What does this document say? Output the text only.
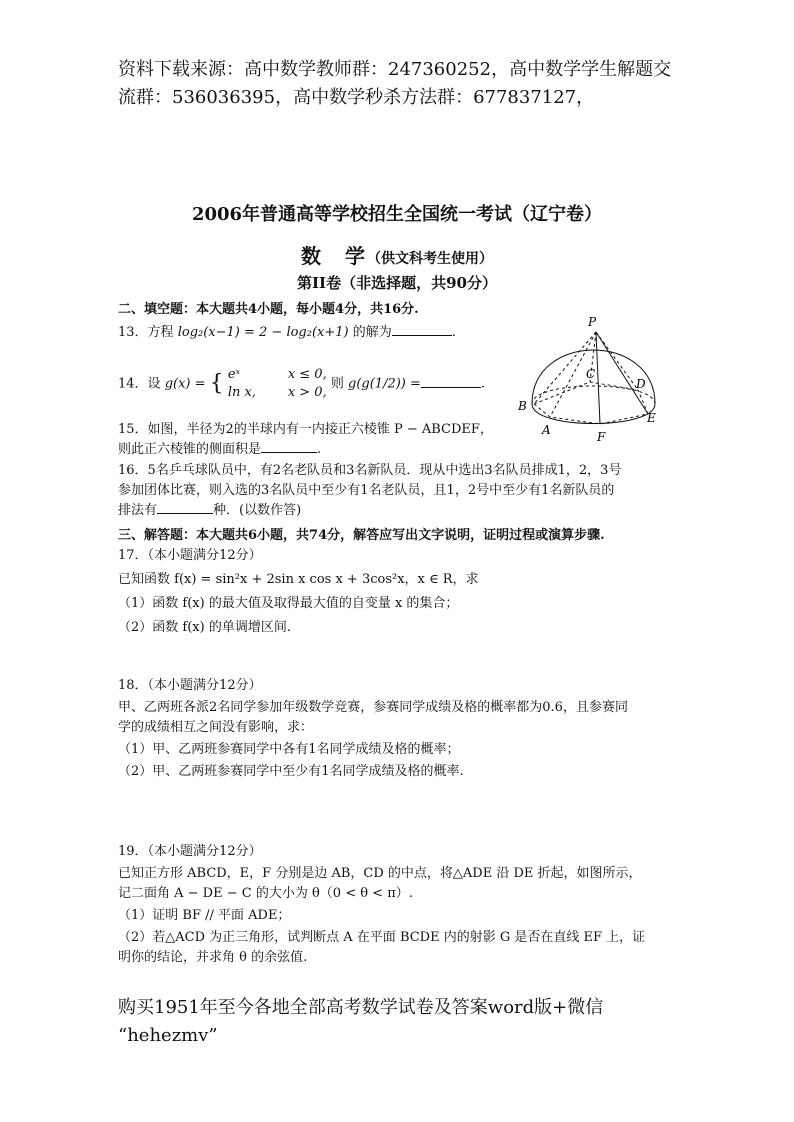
资料下载来源：高中数学教师群：247360252，高中数学学生解题交
流群：536036395，高中数学秒杀方法群：677837127，
2006年普通高等学校招生全国统一考试（辽宁卷）
数　学（供文科考生使用）
第II卷（非选择题，共90分）
二、填空题：本大题共4小题，每小题4分，共16分.
13．方程 log₂(x−1) = 2 − log₂(x+1) 的解为	.
14．设 g(x) = { eˣ	x ≤ 0,
ln x, x > 0,
则 g(g(1/2)) =	.
15．如图，半径为2的半球内有一内接正六棱锥 P − ABCDEF，
则此正六棱锥的侧面积是	.
16．5名乒乓球队员中，有2名老队员和3名新队员．现从中选出3名队员排成1，2，3号
参加团体比赛，则入选的3名队员中至少有1名老队员，且1，2号中至少有1名新队员的
排法有	种．(以数作答)
三、解答题：本大题共6小题，共74分，解答应写出文字说明，证明过程或演算步骤.
17．（本小题满分12分）
已知函数 f(x) = sin²x + 2sin x cos x + 3cos²x，x ∈ R，求
（1）函数 f(x) 的最大值及取得最大值的自变量 x 的集合；
（2）函数 f(x) 的单调增区间.
18．（本小题满分12分）
甲、乙两班各派2名同学参加年级数学竞赛，参赛同学成绩及格的概率都为0.6，且参赛同
学的成绩相互之间没有影响，求：
（1）甲、乙两班参赛同学中各有1名同学成绩及格的概率；
（2）甲、乙两班参赛同学中至少有1名同学成绩及格的概率.
19．（本小题满分12分）
已知正方形 ABCD，E，F 分别是边 AB，CD 的中点，将△ADE 沿 DE 折起，如图所示，
记二面角 A − DE − C 的大小为 θ（0 < θ < π）.
（1）证明 BF // 平面 ADE；
（2）若△ACD 为正三角形，试判断点 A 在平面 BCDE 内的射影 G 是否在直线 EF 上，证
明你的结论，并求角 θ 的余弦值.
P
C
D
B
E
A	F
购买1951年至今各地全部高考数学试卷及答案word版+微信
“hehezmv”
